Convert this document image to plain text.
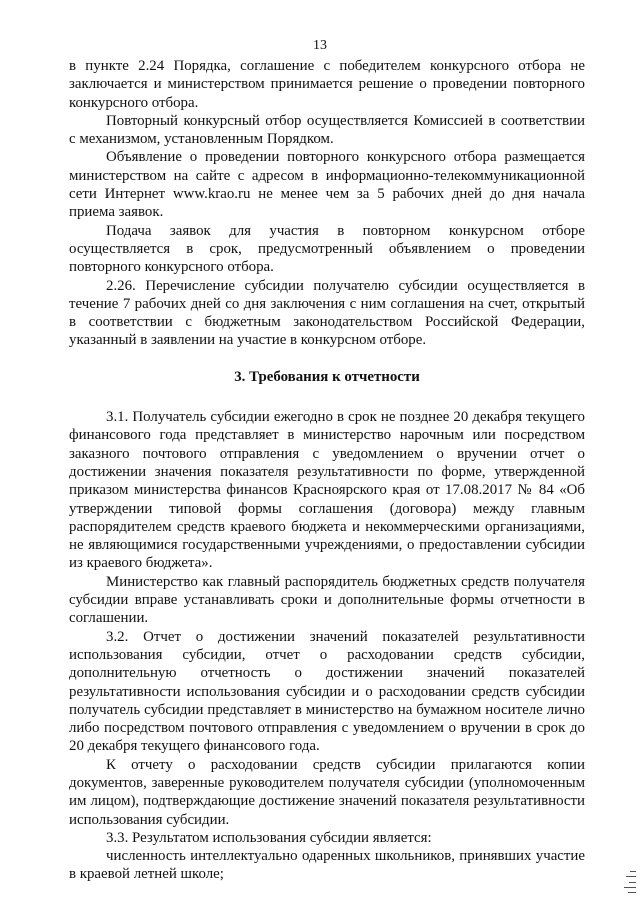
13

в пункте 2.24 Порядка, соглашение с победителем конкурсного отбора не заключается и министерством принимается решение о проведении повторного конкурсного отбора.

Повторный конкурсный отбор осуществляется Комиссией в соответствии с механизмом, установленным Порядком.

Объявление о проведении повторного конкурсного отбора размещается министерством на сайте с адресом в информационно-телекоммуникационной сети Интернет www.krao.ru не менее чем за 5 рабочих дней до дня начала приема заявок.

Подача заявок для участия в повторном конкурсном отборе осуществляется в срок, предусмотренный объявлением о проведении повторного конкурсного отбора.

2.26. Перечисление субсидии получателю субсидии осуществляется в течение 7 рабочих дней со дня заключения с ним соглашения на счет, открытый в соответствии с бюджетным законодательством Российской Федерации, указанный в заявлении на участие в конкурсном отборе.

3. Требования к отчетности

3.1. Получатель субсидии ежегодно в срок не позднее 20 декабря текущего финансового года представляет в министерство нарочным или посредством заказного почтового отправления с уведомлением о вручении отчет о достижении значения показателя результативности по форме, утвержденной приказом министерства финансов Красноярского края от 17.08.2017 № 84 «Об утверждении типовой формы соглашения (договора) между главным распорядителем средств краевого бюджета и некоммерческими организациями, не являющимися государственными учреждениями, о предоставлении субсидии из краевого бюджета».

Министерство как главный распорядитель бюджетных средств получателя субсидии вправе устанавливать сроки и дополнительные формы отчетности в соглашении.

3.2. Отчет о достижении значений показателей результативности использования субсидии, отчет о расходовании средств субсидии, дополнительную отчетность о достижении значений показателей результативности использования субсидии и о расходовании средств субсидии получатель субсидии представляет в министерство на бумажном носителе лично либо посредством почтового отправления с уведомлением о вручении в срок до 20 декабря текущего финансового года.

К отчету о расходовании средств субсидии прилагаются копии документов, заверенные руководителем получателя субсидии (уполномоченным им лицом), подтверждающие достижение значений показателя результативности использования субсидии.

3.3. Результатом использования субсидии является:

численность интеллектуально одаренных школьников, принявших участие в краевой летней школе;
